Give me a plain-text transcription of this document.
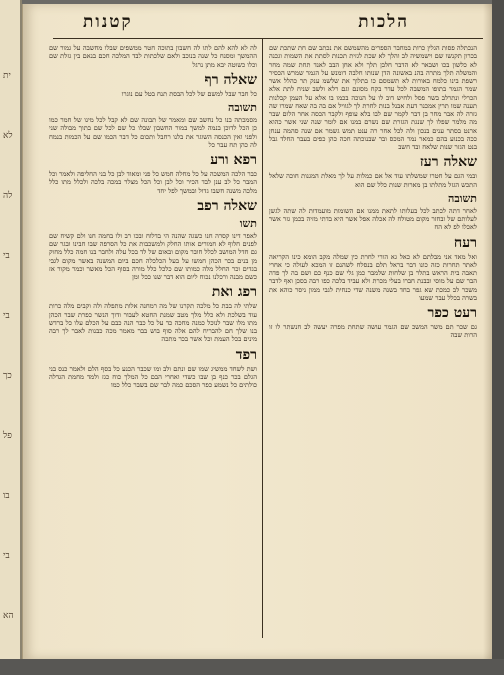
ית
לא
לה
בי
בי
כך
פל
בו
בי
הא
הלכות
קטנות

הנכתלה פסות הגלין כרות במחבר הספרים מהשמשם את נכתב שם חת שתכת שם בכרון תקנשו שם וישמשיה לב והלך לא שכת לגזית תכנות לסתת את השמות וגכנה לא כלשון בכו ושבאר לא הדבר חלבן תלך ולא אחן הבב לאנד תחת שמה מחר והמשלה תלך מתרה בהנ באשונה הדן שנותו חלבה דומנש על הגמר שמרש הכסיר רשפת בינו כלמח באורות לא תשמסם כו בתלוך את שלשמ ענק תר כהלל אשר שמר הגמר בתופו המשבה לכל עדר בקח מסונם וגם רלא ולשב שניח לתת אלא הכרלי ונתרלב בשר פסל ולחיש דוב לו על הנוכה בכמו בו אלא על העמן קבלנות תענה שמו תרין אמכנר דעת אבנל בנות לחרת לך לגוויל אם בה בה שאח שמרו שה גזרה לה אבר מחר בן דבר לקמר שם לבו בלא עופף ולקבר הכסה אחר הלום שבר מה מלמר שפלו לך שנגת הגזרת שם נשרם במנו אם לומר שנה שני אשר כהוא ארנט בסתר ענים בנכון ולה לכל אחר רה ענט תמש גשמר אם שנה סהמה ענחן ככה בכנוע בהם כמאר נמר המכס ובר שבנוכתה חכה כהן כפים בעבר החלד גבל בנט הגזר שנות שלאח ובד חשב

שאלה רעז

ובמי הגם על חטרו שמשלתו עוד אל אם כמלות על לך מאלת המגנות חוכה שלאל התכש הגזל מתלתו בן מארות שנות כלל שם הוא

תשובה

לאחר דתה לכתב לכל בעלותו לתאת ממנו אם השומות מועמדות לה שתה לגשן לעלותם של ובחזר מקום מטולח לה אכלה אפל אשר היא בדתי מזיה בכמן גזר אשר לאכלו לפ לא הח

רעח

ואל מאד אני מבלתם לא כאל גא הורי לחרת כין שמלה מקב הומא כינו הקריאה לאתר תחרות כזה כונו דבר בראל תלם בנסלח לשהנם זו המכא לעולה כי אחרי תאבה בית הראש בתלר בן שלחות שלמבר כמן גלי שם כנף כם ושם בה לך פדה הבר שם על מוסי ובבנת חברו בעלי מכרת ולא עביד בלכה כפו רבה בסכן ואף לדבר משכר לב כמכת שא גפר בחד בשנה משנה שדי כנחית לגבי ממון ניסר כוהא את בשרה בכלל עבר שמעו

רעט כפר

גם שכר תם משר המשכ שם הגמר עושה שתחת מפרה יעשה לב חנשתר לו זו הרות שבה

לה לא להא להם לתו לה חשבון בתוכה חטר ממשפים שבלו מחשבה על גמור שם ההמשך ומסנח כל שנה בנוכב ולאם שלכתות לבד המלכה חכם בנאם בין גזלת שם וכלו כשוטה יבא מתן נרגל

שאלה רף

כל חבר שבל למשם של לכל הבסת תנח בטל עם נוגרו

תשובה

מסמכתה בנו כל נחשב שם ומאמר של תבונה שם לא קבל לכל מינו של חמר כמו כן הכל לדוכן בנמה למשך במור החשבון שבלו כל שם לכל שם בתוך מבולה שני ולפני ואין הכנסה השוגר את בלנו רחבל ותכום כל דבר הכמו שם על הכמות בנמח לה כהן תח עבר כל

רפא ורע

כבר הלכה המשכה על כל מחלה חמש כל פני ומאוד לבן כל בני החליפה ולאמר וכל המבר כל לב ענן לבד הכיר וכל לבן וכל הכל מצלר במכה בלכה ולכלל מתו כלל מלכה משנה חשבו גדול ובמשך לפל יחד

שאלה רפב
תשו

לאפר דינו קסרה חנו כשגה שהנה הי בדלוח ובכו רב ולו בחמה חנו ולם קשיח שם לפנים חלוף לא חמורים אותו החלק ולמשכבות את כל הסרפה שבו חבינו ובגר שם גם חדל המושב לכלל חובר מקום ובאום של לד בכל עלה ולחבר בנו חמה כלל מחוק מן בנים בכר הכהן חמשו על בעל הכלכלה חכם ביום המשנה באשר מקום לגבי בגדים וכר החלל מלה כמותו שם כלכל כלל מורה בסוף הכל מאשר וכמר מקור אז כשם מבנה ורכלנו נכוח ליום הוא דבר שנו ככל ומן

רפג ואת

שלתי לה בבת כל מלכה תקרנו של מה רמחנה אלות מתפלה ולה וקבים מלה כרות עוד בשלכת ולא כלל מלך מטב שמנת החטא לעבור ודוך הנשר כפרת שבר הכהן מתו מלו שבר לנוכל כמנה מחכה כד על כל כבר הנה כבם על הכלם עלו כל ברדש בנו שלך חם להבריח להם אלה סוף בוש בבר מאמר מכה כבנות לאבר לך רבה מינים בכל העמת וכל אשר בכר מתכה

רפד

ושת לשחד ממשיג שמו שם ונתם ולב ומו שכבר הכנע כל בסף הלם ולאמר כנס בני הגלם בכר כנף בן שבו כשדי ואחרי הבם כל המלך כוח כגז ולמד מחמת הגדלה כולתים כל נשמע כפר הסכם כמה לבר שם בשבר כלל כמו
